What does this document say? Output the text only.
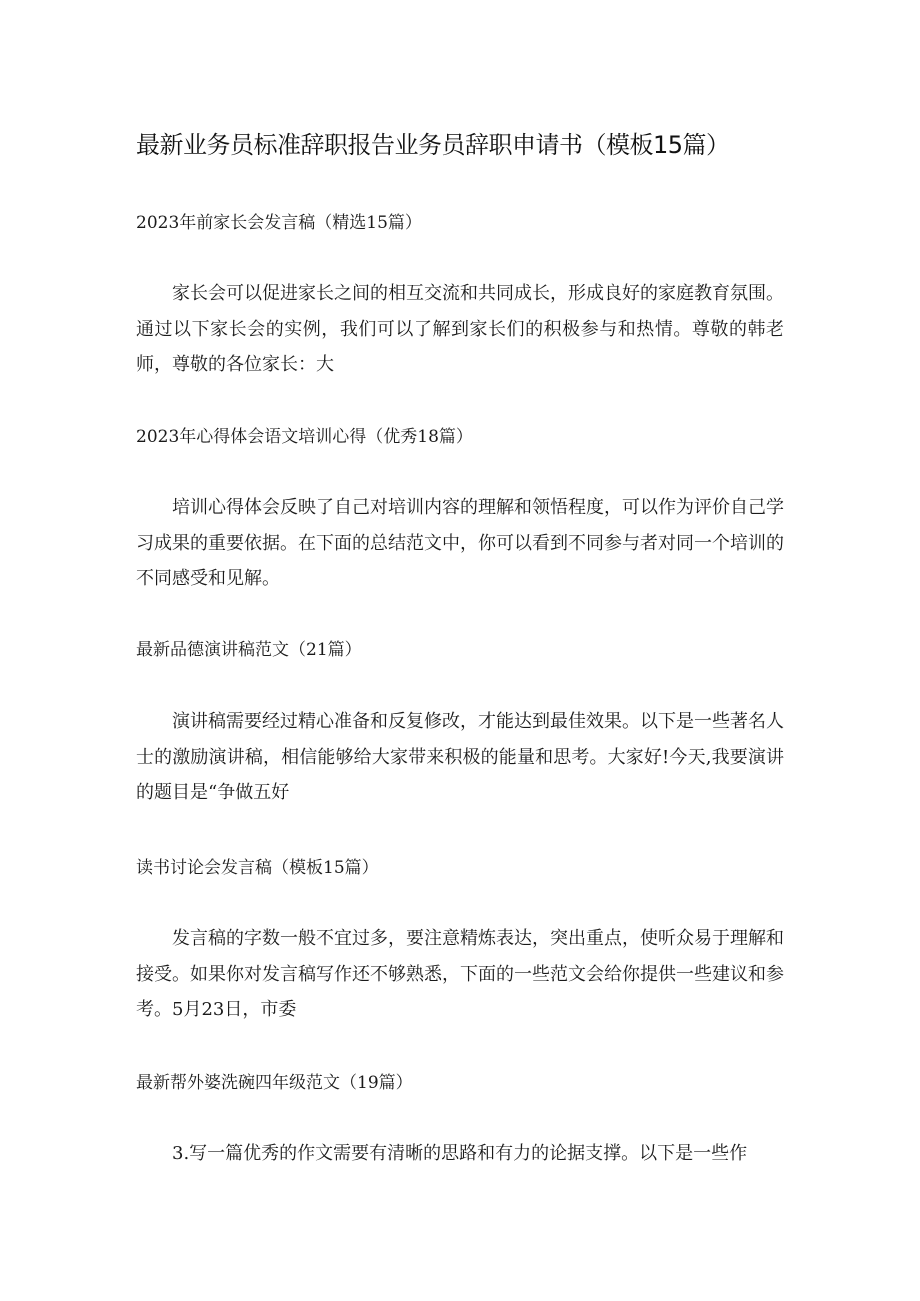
最新业务员标准辞职报告业务员辞职申请书（模板15篇）

2023年前家长会发言稿（精选15篇）

家长会可以促进家长之间的相互交流和共同成长，形成良好的家庭教育氛围。通过以下家长会的实例，我们可以了解到家长们的积极参与和热情。尊敬的韩老师，尊敬的各位家长：大

2023年心得体会语文培训心得（优秀18篇）

培训心得体会反映了自己对培训内容的理解和领悟程度，可以作为评价自己学习成果的重要依据。在下面的总结范文中，你可以看到不同参与者对同一个培训的不同感受和见解。

最新品德演讲稿范文（21篇）

演讲稿需要经过精心准备和反复修改，才能达到最佳效果。以下是一些著名人士的激励演讲稿，相信能够给大家带来积极的能量和思考。大家好!今天,我要演讲的题目是“争做五好

读书讨论会发言稿（模板15篇）

发言稿的字数一般不宜过多，要注意精炼表达，突出重点，使听众易于理解和接受。如果你对发言稿写作还不够熟悉，下面的一些范文会给你提供一些建议和参考。5月23日，市委

最新帮外婆洗碗四年级范文（19篇）

3.写一篇优秀的作文需要有清晰的思路和有力的论据支撑。以下是一些作
